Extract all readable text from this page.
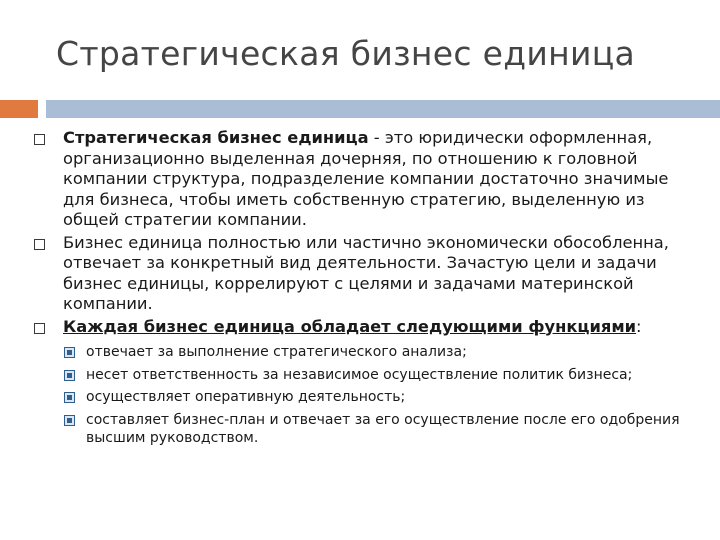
Стратегическая бизнес единица
Стратегическая бизнес единица - это юридически оформленная, организационно выделенная дочерняя, по отношению к головной компании структура, подразделение компании достаточно значимые для бизнеса, чтобы иметь собственную стратегию, выделенную из общей стратегии компании.
Бизнес единица полностью или частично экономически обособленна, отвечает за конкретный вид деятельности. Зачастую цели и задачи бизнес единицы, коррелируют с целями и задачами материнской компании.
Каждая бизнес единица обладает следующими функциями:
отвечает за выполнение стратегического анализа;
несет ответственность за независимое осуществление политик бизнеса;
осуществляет оперативную деятельность;
составляет бизнес-план и отвечает за его осуществление после его одобрения высшим руководством.
